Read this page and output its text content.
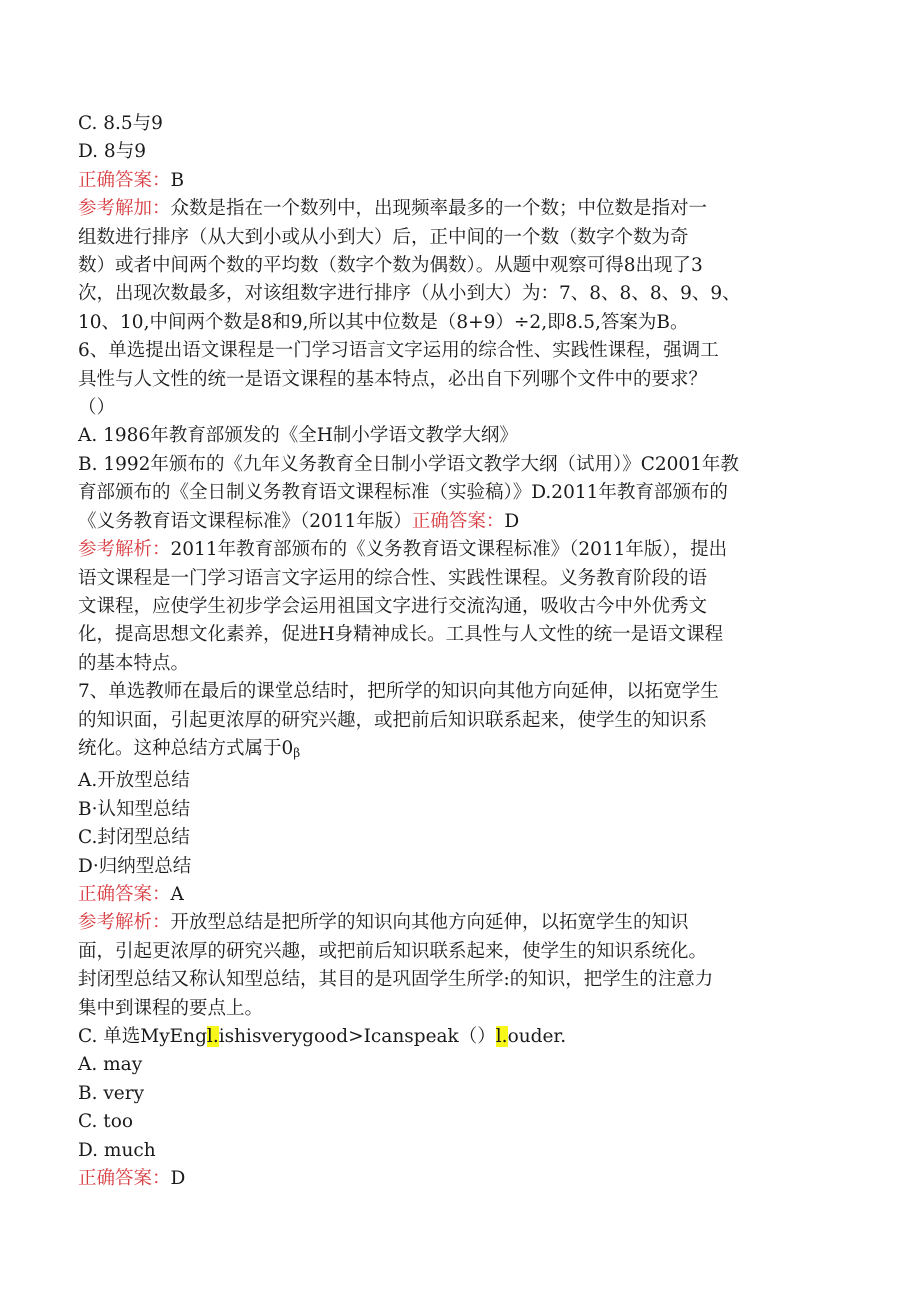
C. 8.5与9

D. 8与9

正确答案：B

参考解加：众数是指在一个数列中，出现频率最多的一个数；中位数是指对一

组数进行排序（从大到小或从小到大）后，正中间的一个数（数字个数为奇

数）或者中间两个数的平均数（数字个数为偶数）。从题中观察可得8出现了3

次，出现次数最多，对该组数字进行排序（从小到大）为：7、8、8、8、9、9、

10、10,中间两个数是8和9,所以其中位数是（8+9）÷2,即8.5,答案为B。

6、单选提出语文课程是一门学习语言文字运用的综合性、实践性课程，强调工

具性与人文性的统一是语文课程的基本特点，必出自下列哪个文件中的要求？

（）

A. 1986年教育部颁发的《全H制小学语文教学大纲》

B. 1992年颁布的《九年义务教育全日制小学语文教学大纲（试用）》C2001年教

育部颁布的《全日制义务教育语文课程标准（实验稿）》D.2011年教育部颁布的

《义务教育语文课程标准》（2011年版）正确答案：D

参考解析：2011年教育部颁布的《义务教育语文课程标准》（2011年版），提出

语文课程是一门学习语言文字运用的综合性、实践性课程。义务教育阶段的语

文课程，应使学生初步学会运用祖国文字进行交流沟通，吸收古今中外优秀文

化，提高思想文化素养，促进H身精神成长。工具性与人文性的统一是语文课程

的基本特点。

7、单选教师在最后的课堂总结时，把所学的知识向其他方向延伸，以拓宽学生

的知识面，引起更浓厚的研究兴趣，或把前后知识联系起来，使学生的知识系

统化。这种总结方式属于$0_\beta$

A.开放型总结

B·认知型总结

C.封闭型总结

D·归纳型总结

正确答案：A

参考解析：开放型总结是把所学的知识向其他方向延伸，以拓宽学生的知识

面，引起更浓厚的研究兴趣，或把前后知识联系起来，使学生的知识系统化。

封闭型总结又称认知型总结，其目的是巩固学生所学:的知识，把学生的注意力

集中到课程的要点上。

C. 单选MyEngl.ishisverygood>Icanspeak（）l.ouder.

A. may

B. very

C. too

D. much

正确答案：D
